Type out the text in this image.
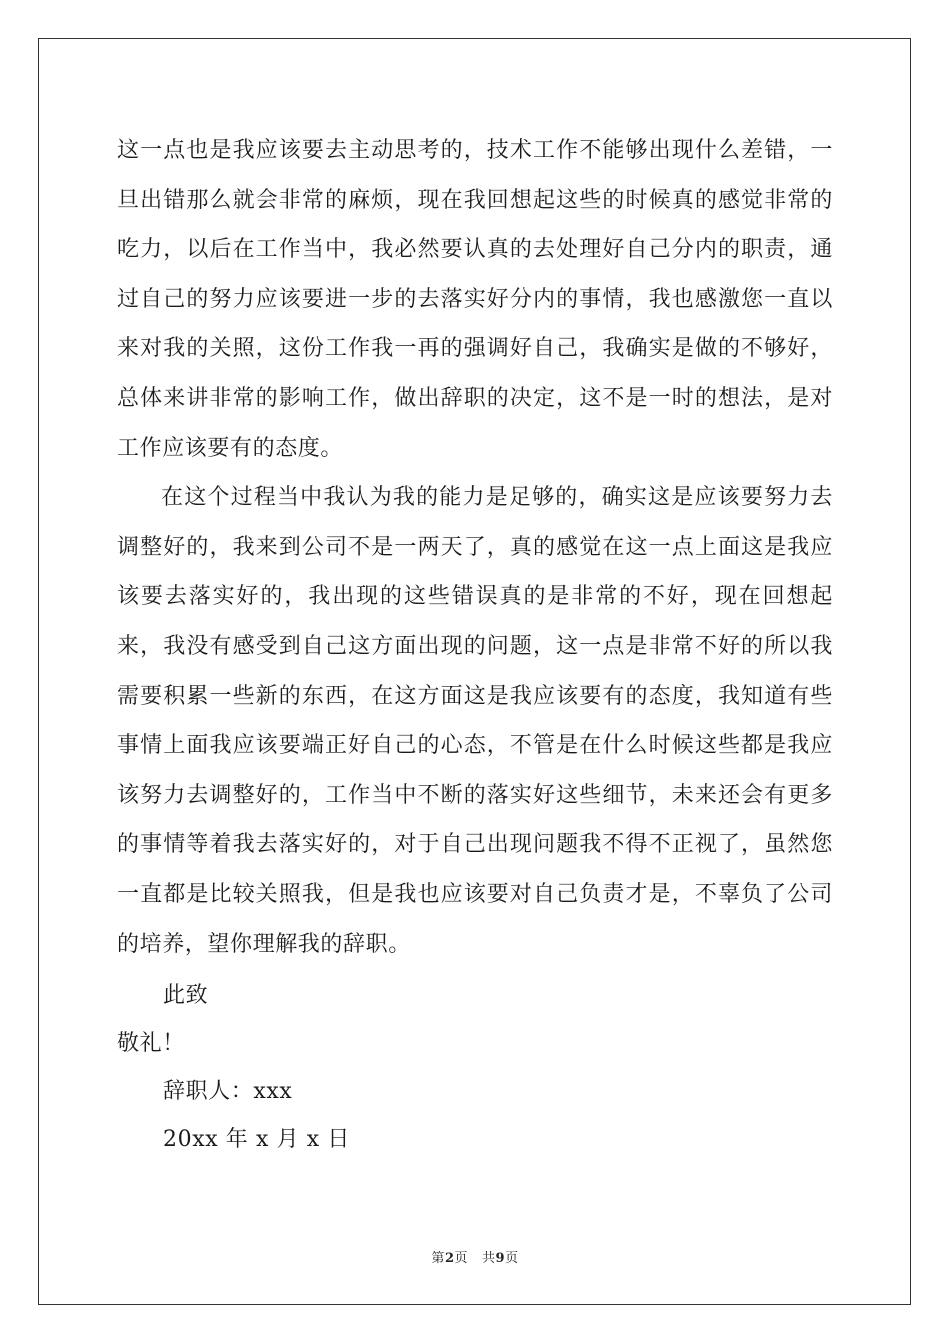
这一点也是我应该要去主动思考的，技术工作不能够出现什么差错，一旦出错那么就会非常的麻烦，现在我回想起这些的时候真的感觉非常的吃力，以后在工作当中，我必然要认真的去处理好自己分内的职责，通过自己的努力应该要进一步的去落实好分内的事情，我也感激您一直以来对我的关照，这份工作我一再的强调好自己，我确实是做的不够好，总体来讲非常的影响工作，做出辞职的决定，这不是一时的想法，是对工作应该要有的态度。

在这个过程当中我认为我的能力是足够的，确实这是应该要努力去调整好的，我来到公司不是一两天了，真的感觉在这一点上面这是我应该要去落实好的，我出现的这些错误真的是非常的不好，现在回想起来，我没有感受到自己这方面出现的问题，这一点是非常不好的所以我需要积累一些新的东西，在这方面这是我应该要有的态度，我知道有些事情上面我应该要端正好自己的心态，不管是在什么时候这些都是我应该努力去调整好的，工作当中不断的落实好这些细节，未来还会有更多的事情等着我去落实好的，对于自己出现问题我不得不正视了，虽然您一直都是比较关照我，但是我也应该要对自己负责才是，不辜负了公司的培养，望你理解我的辞职。

此致

敬礼！

辞职人：xxx

20xx 年 x 月 x 日

第2页 共9页
